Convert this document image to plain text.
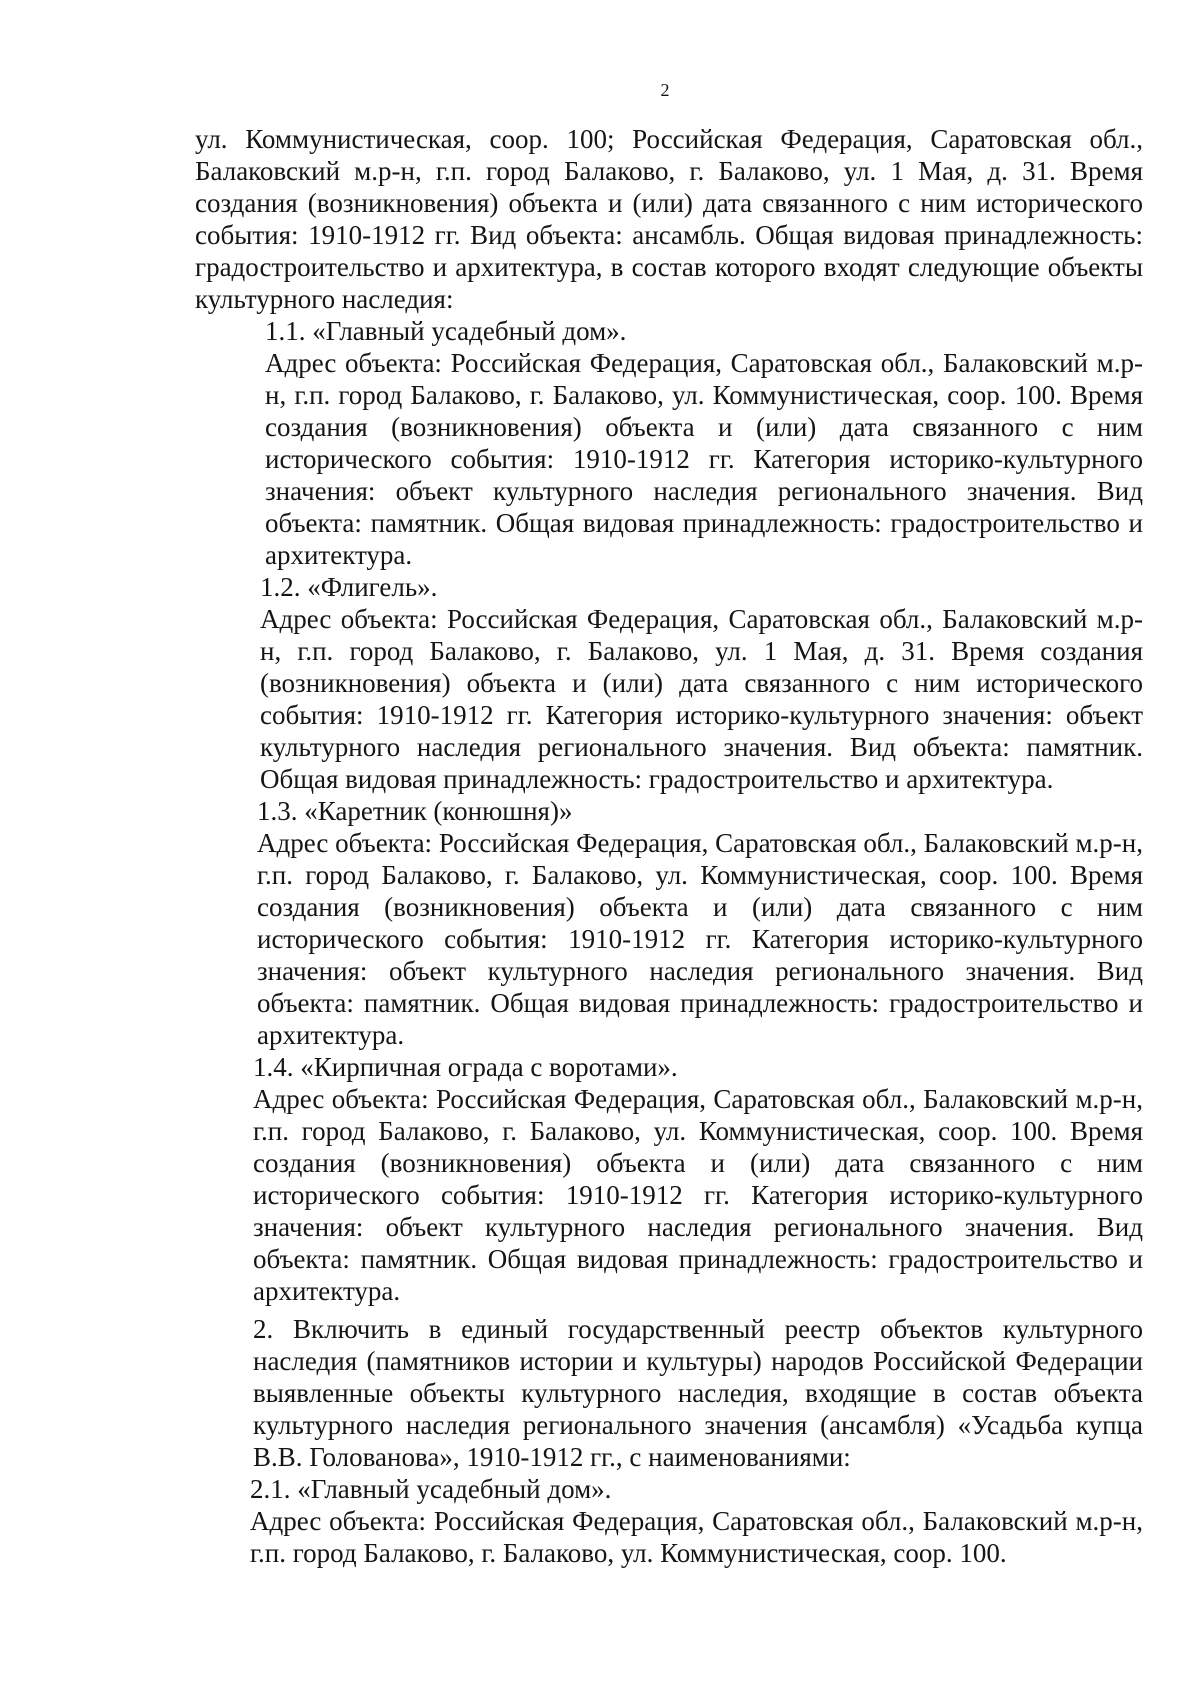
2

ул. Коммунистическая, соор. 100; Российская Федерация, Саратовская обл., Балаковский м.р-н, г.п. город Балаково, г. Балаково, ул. 1 Мая, д. 31. Время создания (возникновения) объекта и (или) дата связанного с ним исторического события: 1910-1912 гг. Вид объекта: ансамбль. Общая видовая принадлежность: градостроительство и архитектура, в состав которого входят следующие объекты культурного наследия:

1.1. «Главный усадебный дом».

Адрес объекта: Российская Федерация, Саратовская обл., Балаковский м.р-н, г.п. город Балаково, г. Балаково, ул. Коммунистическая, соор. 100. Время создания (возникновения) объекта и (или) дата связанного с ним исторического события: 1910-1912 гг. Категория историко-культурного значения: объект культурного наследия регионального значения. Вид объекта: памятник. Общая видовая принадлежность: градостроительство и архитектура.

1.2. «Флигель».

Адрес объекта: Российская Федерация, Саратовская обл., Балаковский м.р-н, г.п. город Балаково, г. Балаково, ул. 1 Мая, д. 31. Время создания (возникновения) объекта и (или) дата связанного с ним исторического события: 1910-1912 гг. Категория историко-культурного значения: объект культурного наследия регионального значения. Вид объекта: памятник. Общая видовая принадлежность: градостроительство и архитектура.

1.3. «Каретник (конюшня)»

Адрес объекта: Российская Федерация, Саратовская обл., Балаковский м.р-н, г.п. город Балаково, г. Балаково, ул. Коммунистическая, соор. 100. Время создания (возникновения) объекта и (или) дата связанного с ним исторического события: 1910-1912 гг. Категория историко-культурного значения: объект культурного наследия регионального значения. Вид объекта: памятник. Общая видовая принадлежность: градостроительство и архитектура.

1.4. «Кирпичная ограда с воротами».

Адрес объекта: Российская Федерация, Саратовская обл., Балаковский м.р-н, г.п. город Балаково, г. Балаково, ул. Коммунистическая, соор. 100. Время создания (возникновения) объекта и (или) дата связанного с ним исторического события: 1910-1912 гг. Категория историко-культурного значения: объект культурного наследия регионального значения. Вид объекта: памятник. Общая видовая принадлежность: градостроительство и архитектура.

2. Включить в единый государственный реестр объектов культурного наследия (памятников истории и культуры) народов Российской Федерации выявленные объекты культурного наследия, входящие в состав объекта культурного наследия регионального значения (ансамбля) «Усадьба купца В.В. Голованова», 1910-1912 гг., с наименованиями:

2.1. «Главный усадебный дом».

Адрес объекта: Российская Федерация, Саратовская обл., Балаковский м.р-н, г.п. город Балаково, г. Балаково, ул. Коммунистическая, соор. 100.
